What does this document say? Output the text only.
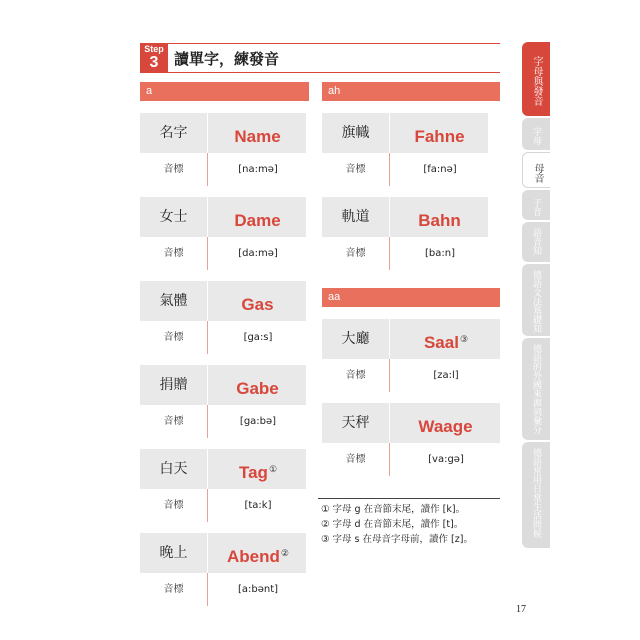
Step
3	讀單字，練發音
a	ah
aa
名字	Name
音標	[na:mə]
女士	Dame
音標	[da:mə]
氣體	Gas
音標	[ga:s]
捐贈	Gabe
音標	[ga:bə]
白天	Tag①
音標	[ta:k]
晚上	Abend②
音標	[a:bənt]
旗幟	Fahne
音標	[fa:nə]
軌道	Bahn
音標	[ba:n]
大廳	Saal③
音標	[za:l]
天秤	Waage
音標	[va:gə]
① 字母 g 在音節末尾，讀作 [k]。
② 字母 d 在音節末尾，讀作 [t]。
③ 字母 s 在母音字母前，讀作 [z]。
17
字母與發音
字母
母音
子音
語音知識
德語文法基礎知識
德語的外國來源詞彙分類
德語常用日常生活問候語
